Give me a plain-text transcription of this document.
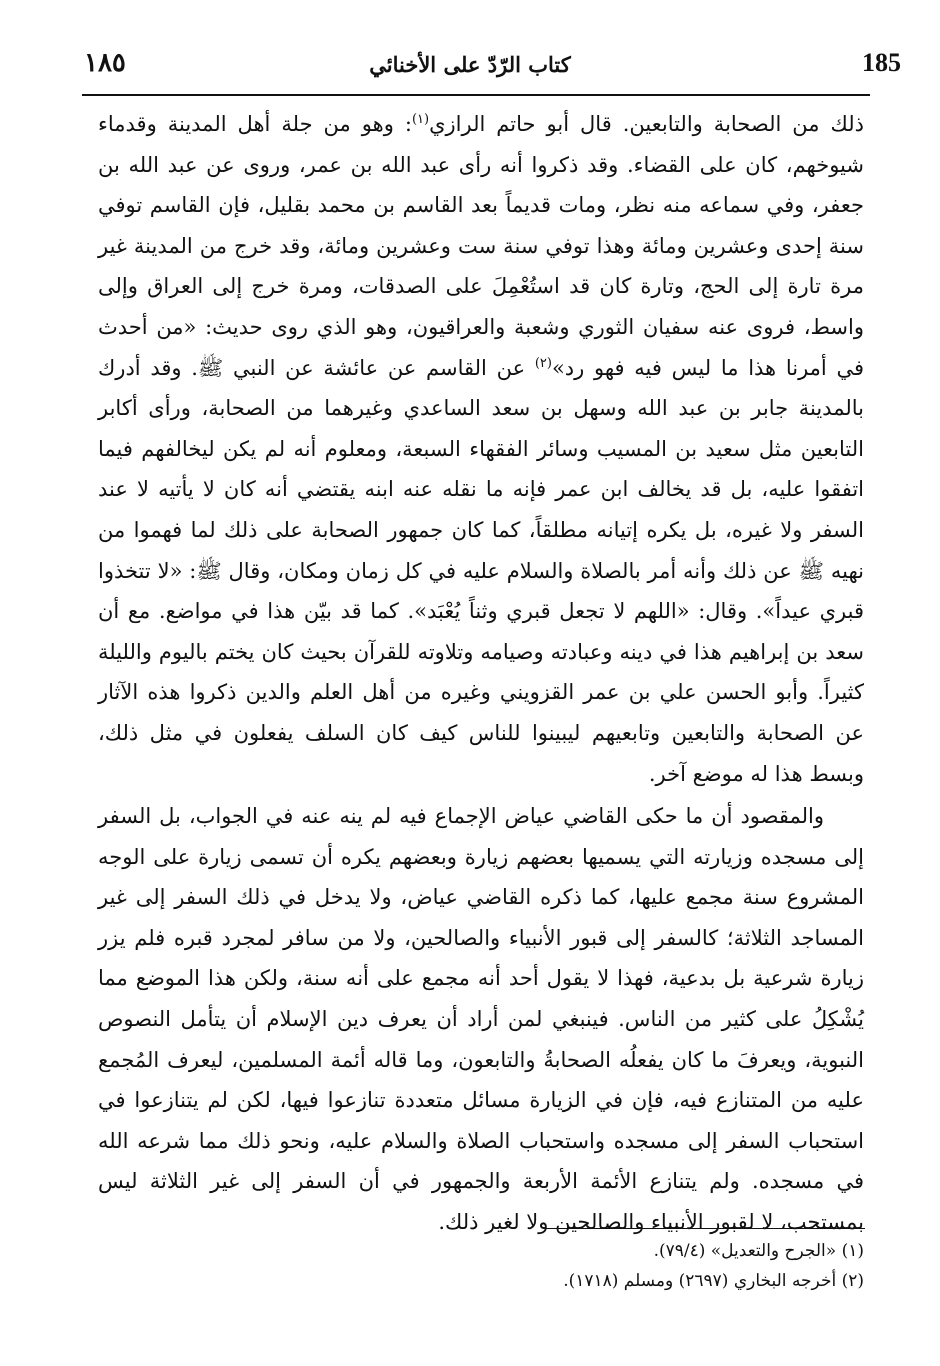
185
كتاب الرّدّ على الأخنائي
١٨٥

ذلك من الصحابة والتابعين. قال أبو حاتم الرازي$^{(١)}$: وهو من جلة أهل المدينة وقدماء شيوخهم، كان على القضاء. وقد ذكروا أنه رأى عبد الله بن عمر، وروى عن عبد الله بن جعفر، وفي سماعه منه نظر، ومات قديماً بعد القاسم بن محمد بقليل، فإن القاسم توفي سنة إحدى وعشرين ومائة وهذا توفي سنة ست وعشرين ومائة، وقد خرج من المدينة غير مرة تارة إلى الحج، وتارة كان قد استُعْمِلَ على الصدقات، ومرة خرج إلى العراق وإلى واسط، فروى عنه سفيان الثوري وشعبة والعراقيون، وهو الذي روى حديث: «من أحدث في أمرنا هذا ما ليس فيه فهو رد»$^{(٢)}$ عن القاسم عن عائشة عن النبي ﷺ. وقد أدرك بالمدينة جابر بن عبد الله وسهل بن سعد الساعدي وغيرهما من الصحابة، ورأى أكابر التابعين مثل سعيد بن المسيب وسائر الفقهاء السبعة، ومعلوم أنه لم يكن ليخالفهم فيما اتفقوا عليه، بل قد يخالف ابن عمر فإنه ما نقله عنه ابنه يقتضي أنه كان لا يأتيه لا عند السفر ولا غيره، بل يكره إتيانه مطلقاً، كما كان جمهور الصحابة على ذلك لما فهموا من نهيه ﷺ عن ذلك وأنه أمر بالصلاة والسلام عليه في كل زمان ومكان، وقال ﷺ: «لا تتخذوا قبري عيداً». وقال: «اللهم لا تجعل قبري وثناً يُعْبَد». كما قد بيّن هذا في مواضع. مع أن سعد بن إبراهيم هذا في دينه وعبادته وصيامه وتلاوته للقرآن بحيث كان يختم باليوم والليلة كثيراً. وأبو الحسن علي بن عمر القزويني وغيره من أهل العلم والدين ذكروا هذه الآثار عن الصحابة والتابعين وتابعيهم ليبينوا للناس كيف كان السلف يفعلون في مثل ذلك، وبسط هذا له موضع آخر.

والمقصود أن ما حكى القاضي عياض الإجماع فيه لم ينه عنه في الجواب، بل السفر إلى مسجده وزيارته التي يسميها بعضهم زيارة وبعضهم يكره أن تسمى زيارة على الوجه المشروع سنة مجمع عليها، كما ذكره القاضي عياض، ولا يدخل في ذلك السفر إلى غير المساجد الثلاثة؛ كالسفر إلى قبور الأنبياء والصالحين، ولا من سافر لمجرد قبره فلم يزر زيارة شرعية بل بدعية، فهذا لا يقول أحد أنه مجمع على أنه سنة، ولكن هذا الموضع مما يُشْكِلُ على كثير من الناس. فينبغي لمن أراد أن يعرف دين الإسلام أن يتأمل النصوص النبوية، ويعرفَ ما كان يفعلُه الصحابةُ والتابعون، وما قاله أئمة المسلمين، ليعرف المُجمع عليه من المتنازع فيه، فإن في الزيارة مسائل متعددة تنازعوا فيها، لكن لم يتنازعوا في استحباب السفر إلى مسجده واستحباب الصلاة والسلام عليه، ونحو ذلك مما شرعه الله في مسجده. ولم يتنازع الأئمة الأربعة والجمهور في أن السفر إلى غير الثلاثة ليس بمستحب، لا لقبور الأنبياء والصالحين ولا لغير ذلك.

(١) «الجرح والتعديل» (٧٩/٤).
(٢) أخرجه البخاري (٢٦٩٧) ومسلم (١٧١٨).
